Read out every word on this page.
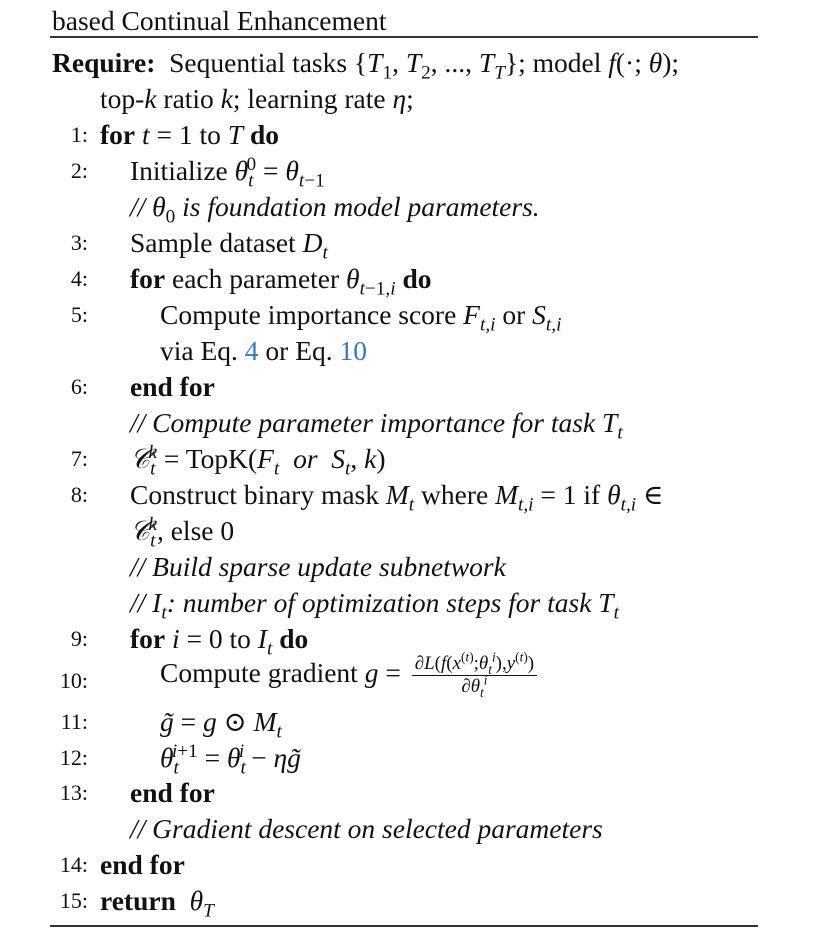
based Continual Enhancement
Require: Sequential tasks {$T_1$, $T_2$, ..., $T_T$}; model f(·; θ);
top-k ratio k; learning rate η;
1: for t = 1 to T do
2: Initialize $\theta_t^0 = \theta_{t-1}$
// $\theta_0$ is foundation model parameters.
3: Sample dataset $D_t$
4: for each parameter $\theta_{t-1,i}$ do
5:	Compute importance score $F_{t,i}$ or $S_{t,i}$
via Eq. 4 or Eq. 10
6: end for
// Compute parameter importance for task $T_t$
7: 𝒞$_t^k$ = $TopK(F_t$ or $S_t$, k)
8: Construct binary mask $M_t$ where $M_{t,i} = 1$ if $\theta_{t,i}$ ∈
𝒞$_t^k$, else 0
// Build sparse update subnetwork
// $I_t$: number of optimization steps for task $T_t$
9: for i = 0 to $I_t$ do
10:	Compute gradient $g = \frac{\partial L(f(x^{(t)};\theta_t^i),y^{(t)})}{\partial\theta_t^i}$
11:	g̃ = g ⊙ $M_t$
12:	$\theta_t^{i+1} = \theta_t^i$ − ηg̃
13: end for
// Gradient descent on selected parameters
14: end for
15: return $\theta_T$
